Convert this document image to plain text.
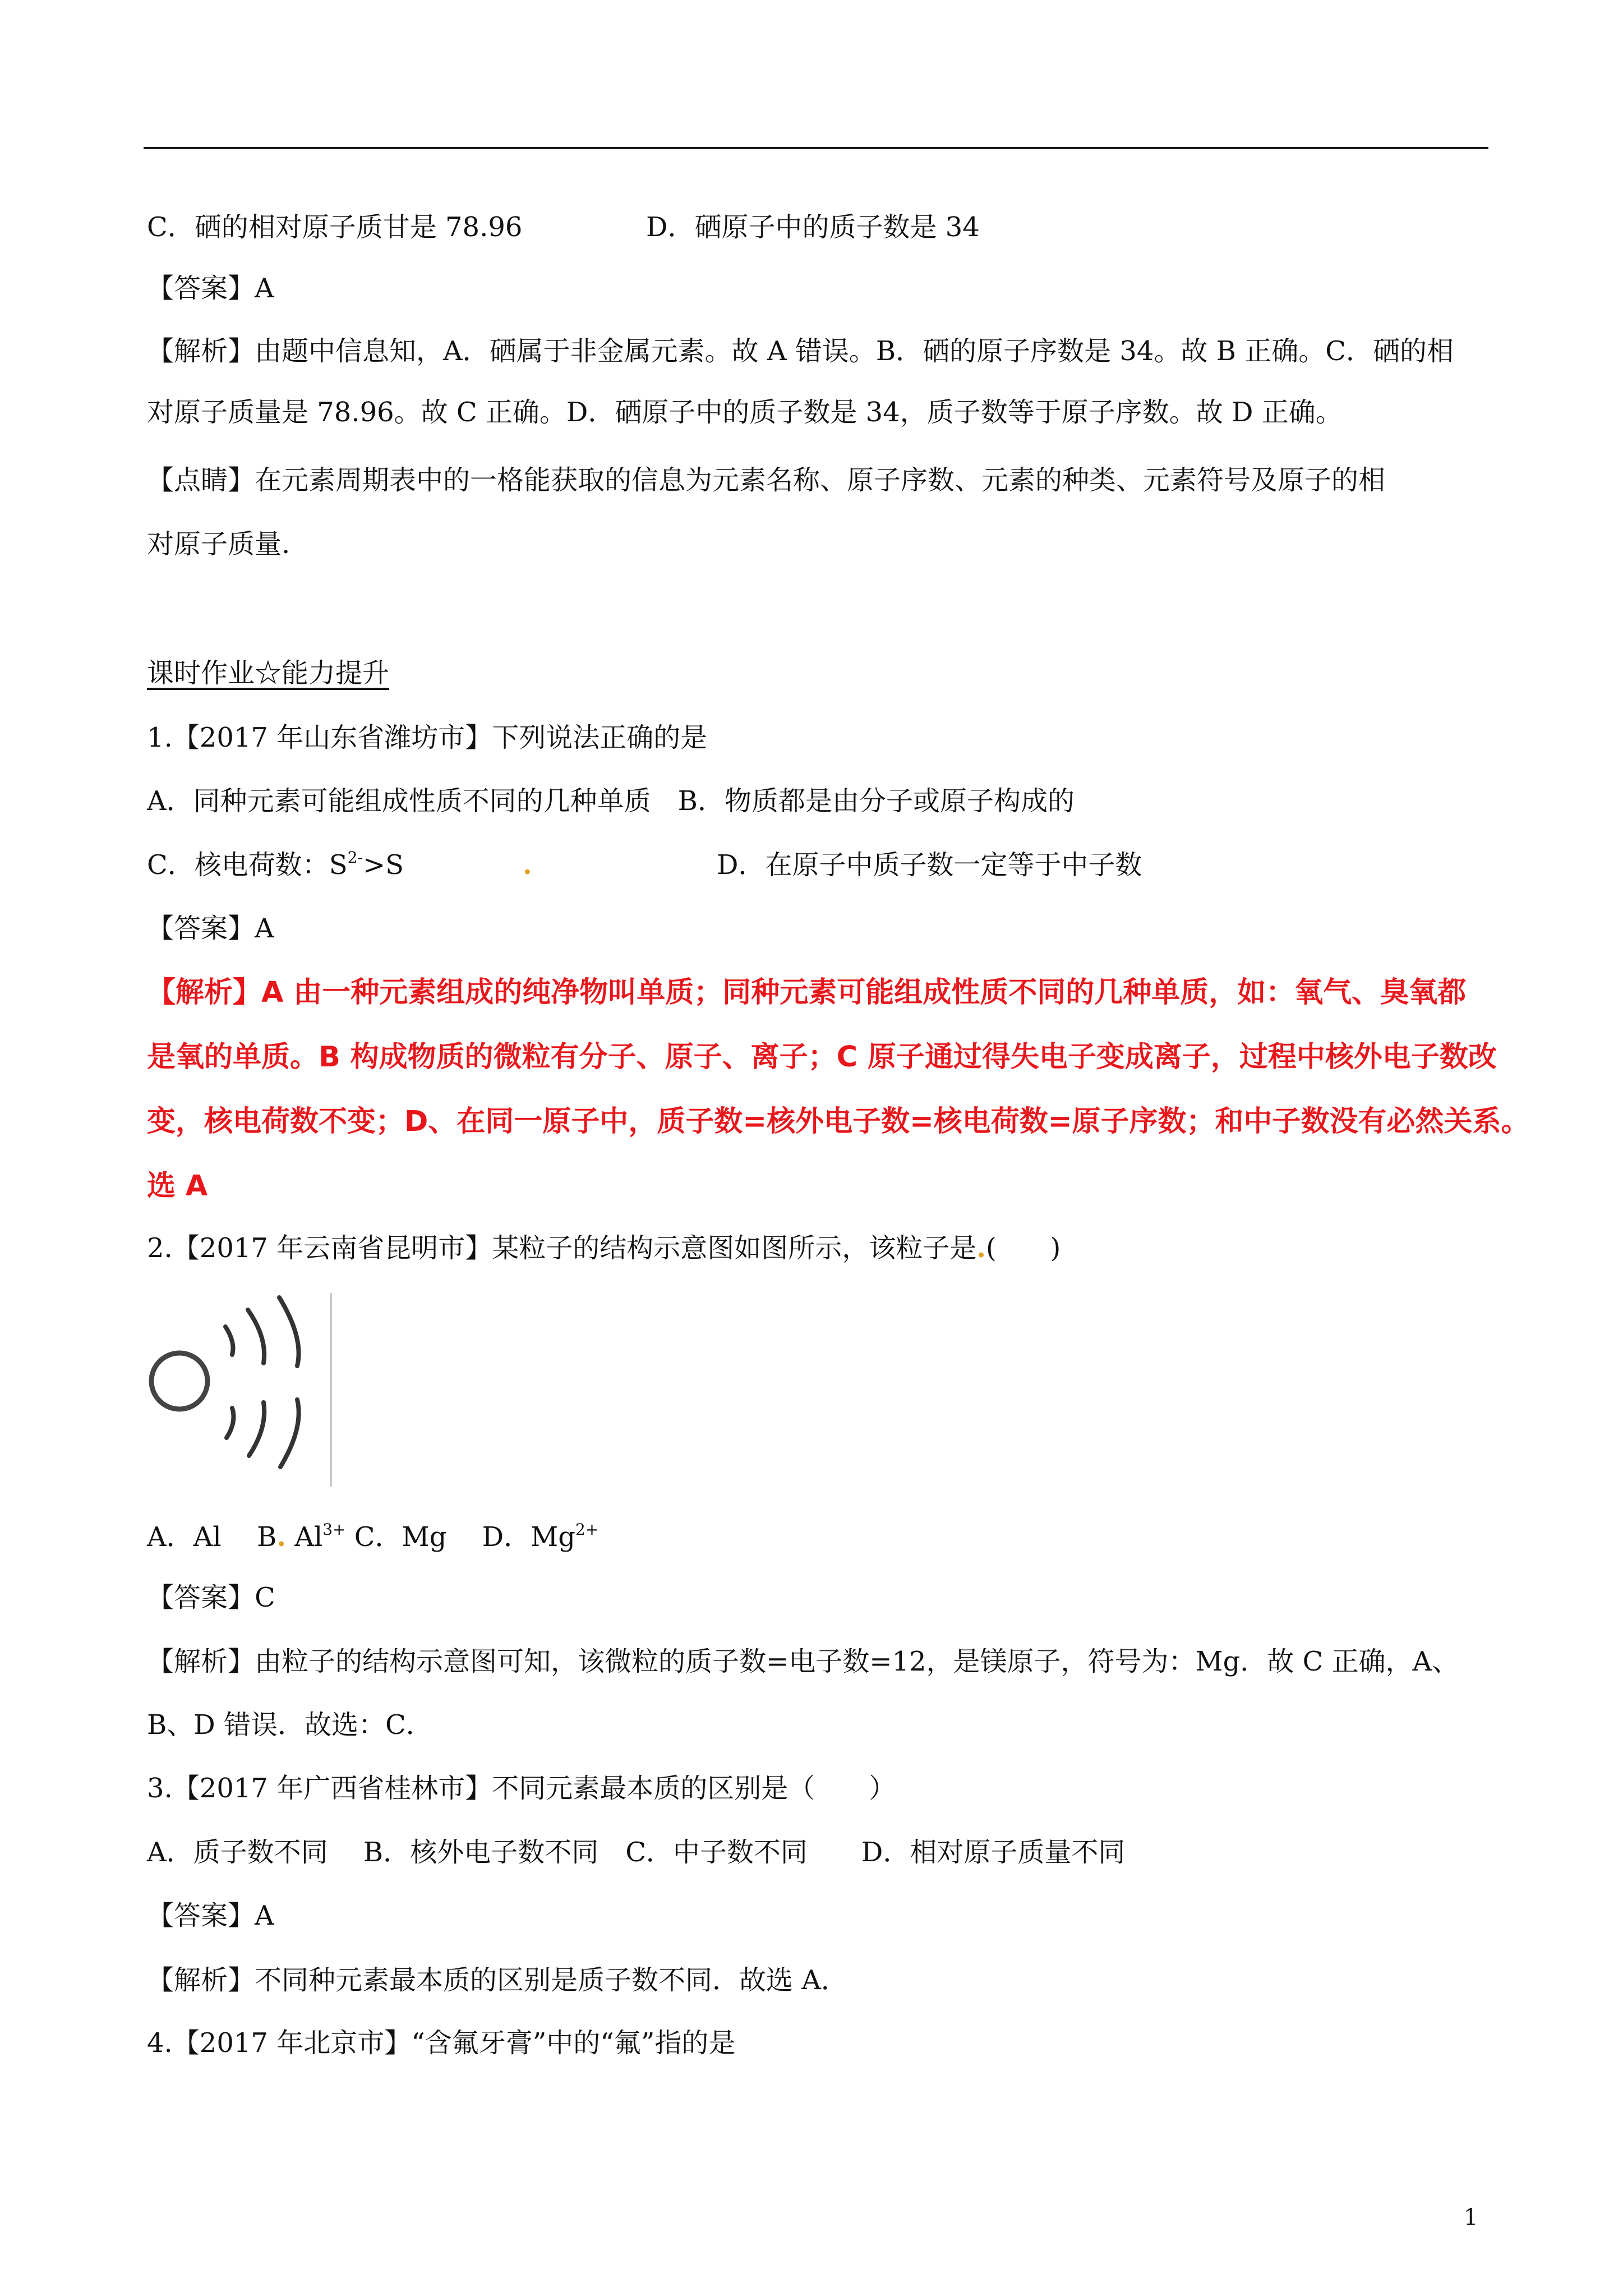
C．硒的相对原子质甘是 78.96	D．硒原子中的质子数是 34
【答案】A
【解析】由题中信息知，A．硒属于非金属元素。故 A 错误。B．硒的原子序数是 34。故 B 正确。C．硒的相
对原子质量是 78.96。故 C 正确。D．硒原子中的质子数是 34，质子数等于原子序数。故 D 正确。
【点睛】在元素周期表中的一格能获取的信息为元素名称、原子序数、元素的种类、元素符号及原子的相
对原子质量.
课时作业☆能力提升
1.【2017 年山东省潍坊市】下列说法正确的是
A．同种元素可能组成性质不同的几种单质　B．物质都是由分子或原子构成的
C．核电荷数：$S^{2-}>S$	.	D．在原子中质子数一定等于中子数
【答案】A
【解析】A 由一种元素组成的纯净物叫单质；同种元素可能组成性质不同的几种单质，如：氧气、臭氧都
是氧的单质。B 构成物质的微粒有分子、原子、离子；C 原子通过得失电子变成离子，过程中核外电子数改
变，核电荷数不变；D、在同一原子中，质子数=核外电子数=核电荷数=原子序数；和中子数没有必然关系。
选 A
2.【2017 年云南省昆明市】某粒子的结构示意图如图所示，该粒子是.(　　)
A．Al　 B. $Al^{3+}$ C．Mg　 D．$Mg^{2+}$
【答案】C
【解析】由粒子的结构示意图可知，该微粒的质子数=电子数=12，是镁原子，符号为：Mg．故 C 正确，A、
B、D 错误．故选：C．
3.【2017 年广西省桂林市】不同元素最本质的区别是（　　）
A．质子数不同　 B．核外电子数不同　C．中子数不同　　D．相对原子质量不同
【答案】A
【解析】不同种元素最本质的区别是质子数不同．故选 A．
4.【2017 年北京市】“含氟牙膏”中的“氟”指的是
1
